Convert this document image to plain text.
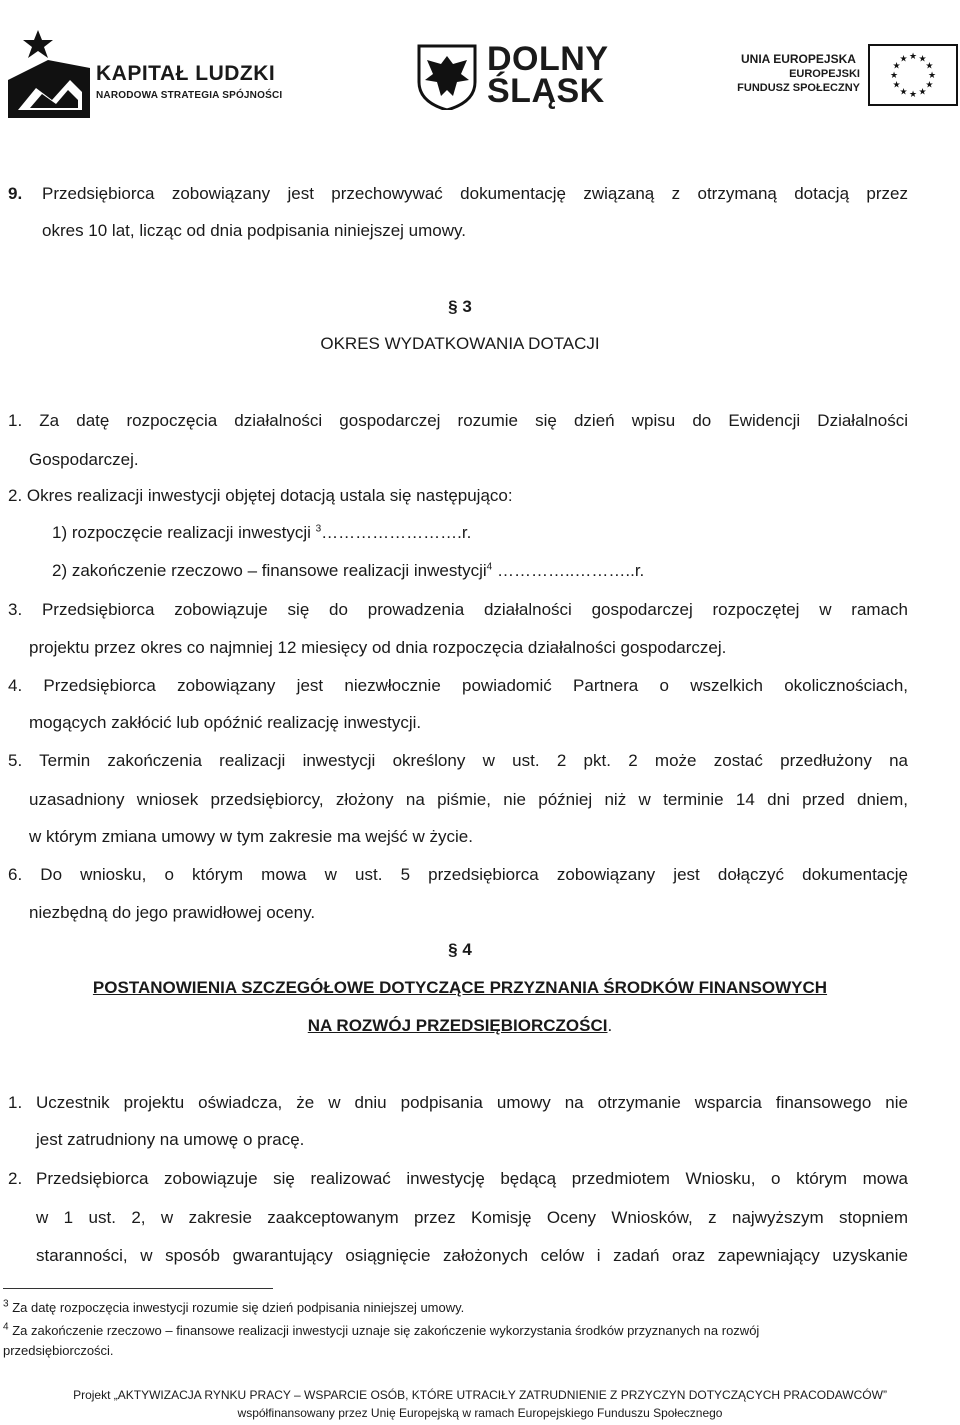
KAPITAŁ LUDZKI
NARODOWA STRATEGIA SPÓJNOŚCI
DOLNY
ŚLĄSK
UNIA EUROPEJSKA
EUROPEJSKI
FUNDUSZ SPOŁECZNY
★ ★
★
★
★
★
★
★
★
★
★
★
9. Przedsiębiorca zobowiązany jest przechowywać dokumentację związaną z otrzymaną dotacją przez
okres 10 lat, licząc od dnia podpisania niniejszej umowy.
§ 3
OKRES WYDATKOWANIA DOTACJI
1. Za datę rozpoczęcia działalności gospodarczej rozumie się dzień wpisu do Ewidencji Działalności
Gospodarczej.
2. Okres realizacji inwestycji objętej dotacją ustala się następująco:
1) rozpoczęcie realizacji inwestycji $^3$…………………….r.
2) zakończenie rzeczowo – finansowe realizacji inwestycji$^4$ …………..………..r.
3. Przedsiębiorca zobowiązuje się do prowadzenia działalności gospodarczej rozpoczętej w ramach
projektu przez okres co najmniej 12 miesięcy od dnia rozpoczęcia działalności gospodarczej.
4. Przedsiębiorca zobowiązany jest niezwłocznie powiadomić Partnera o wszelkich okolicznościach,
mogących zakłócić lub opóźnić realizację inwestycji.
5. Termin zakończenia realizacji inwestycji określony w ust. 2 pkt. 2 może zostać przedłużony na
uzasadniony wniosek przedsiębiorcy, złożony na piśmie, nie później niż w terminie 14 dni przed dniem,
w którym zmiana umowy w tym zakresie ma wejść w życie.
6. Do wniosku, o którym mowa w ust. 5 przedsiębiorca zobowiązany jest dołączyć dokumentację
niezbędną do jego prawidłowej oceny.
§ 4
POSTANOWIENIA SZCZEGÓŁOWE DOTYCZĄCE PRZYZNANIA ŚRODKÓW FINANSOWYCH
NA ROZWÓJ PRZEDSIĘBIORCZOŚCI.
1. Uczestnik projektu oświadcza, że w dniu podpisania umowy na otrzymanie wsparcia finansowego nie
jest zatrudniony na umowę o pracę.
2. Przedsiębiorca zobowiązuje się realizować inwestycję będącą przedmiotem Wniosku, o którym mowa
w 1 ust. 2, w zakresie zaakceptowanym przez Komisję Oceny Wniosków, z najwyższym stopniem
staranności, w sposób gwarantujący osiągnięcie założonych celów i zadań oraz zapewniający uzyskanie
$^3$ Za datę rozpoczęcia inwestycji rozumie się dzień podpisania niniejszej umowy.
$^4$ Za zakończenie rzeczowo – finansowe realizacji inwestycji uznaje się zakończenie wykorzystania środków przyznanych na rozwój
przedsiębiorczości.
Projekt „AKTYWIZACJA RYNKU PRACY – WSPARCIE OSÓB, KTÓRE UTRACIŁY ZATRUDNIENIE Z PRZYCZYN DOTYCZĄCYCH PRACODAWCÓW”
współfinansowany przez Unię Europejską w ramach Europejskiego Funduszu Społecznego
